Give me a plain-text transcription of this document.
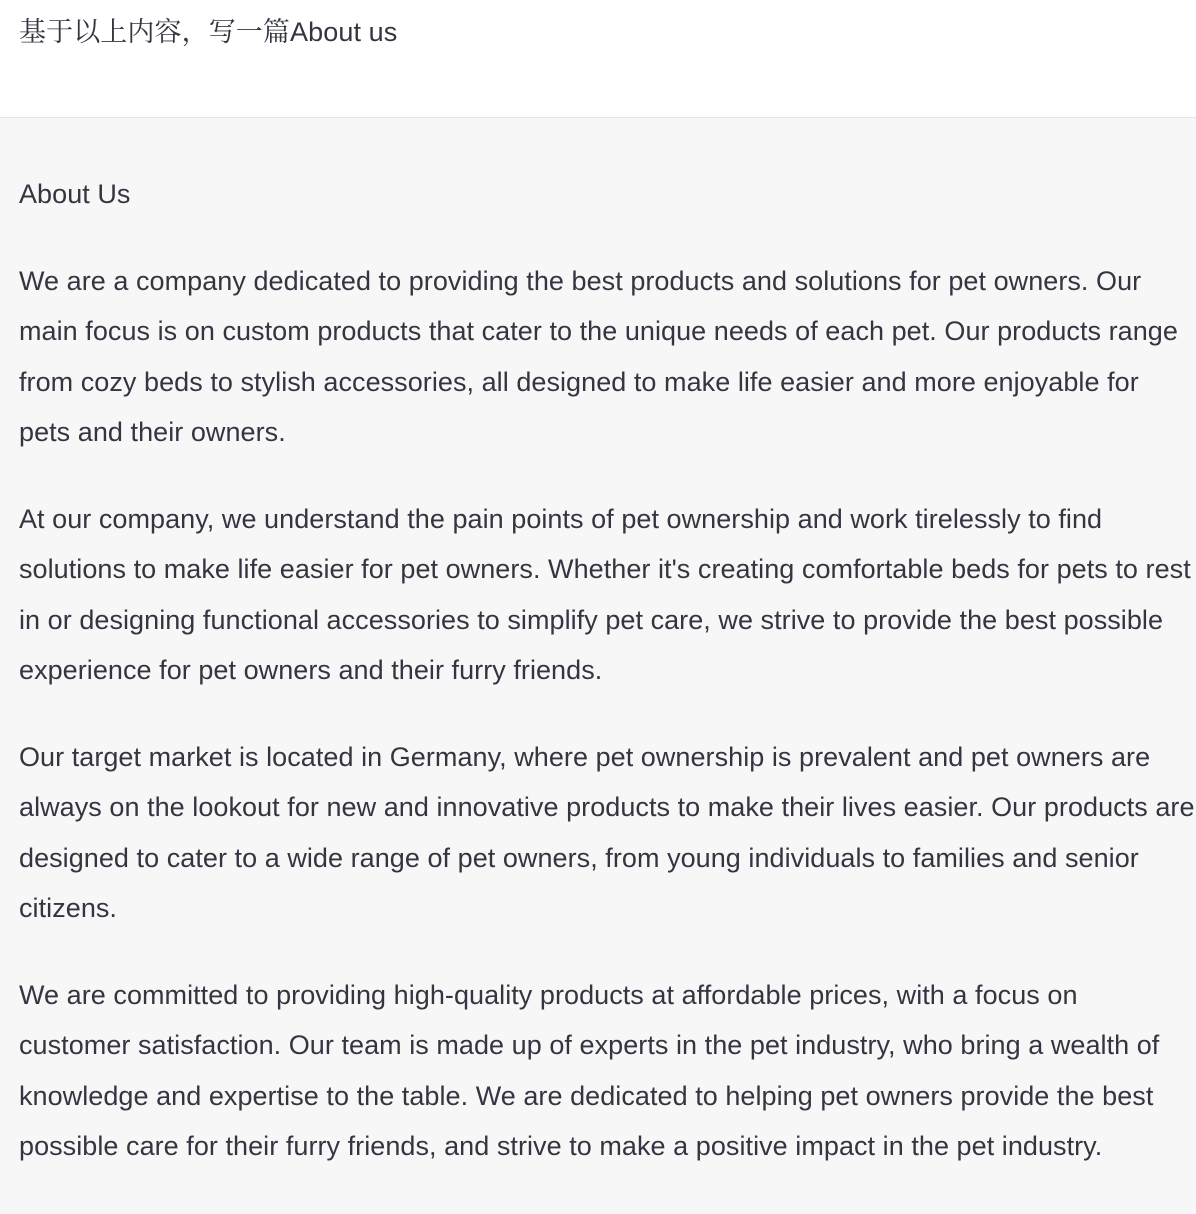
基于以上内容，写一篇About us

About Us

We are a company dedicated to providing the best products and solutions for pet owners. Our main focus is on custom products that cater to the unique needs of each pet. Our products range from cozy beds to stylish accessories, all designed to make life easier and more enjoyable for pets and their owners.

At our company, we understand the pain points of pet ownership and work tirelessly to find solutions to make life easier for pet owners. Whether it's creating comfortable beds for pets to rest in or designing functional accessories to simplify pet care, we strive to provide the best possible experience for pet owners and their furry friends.

Our target market is located in Germany, where pet ownership is prevalent and pet owners are always on the lookout for new and innovative products to make their lives easier. Our products are designed to cater to a wide range of pet owners, from young individuals to families and senior citizens.

We are committed to providing high-quality products at affordable prices, with a focus on customer satisfaction. Our team is made up of experts in the pet industry, who bring a wealth of knowledge and expertise to the table. We are dedicated to helping pet owners provide the best possible care for their furry friends, and strive to make a positive impact in the pet industry.
